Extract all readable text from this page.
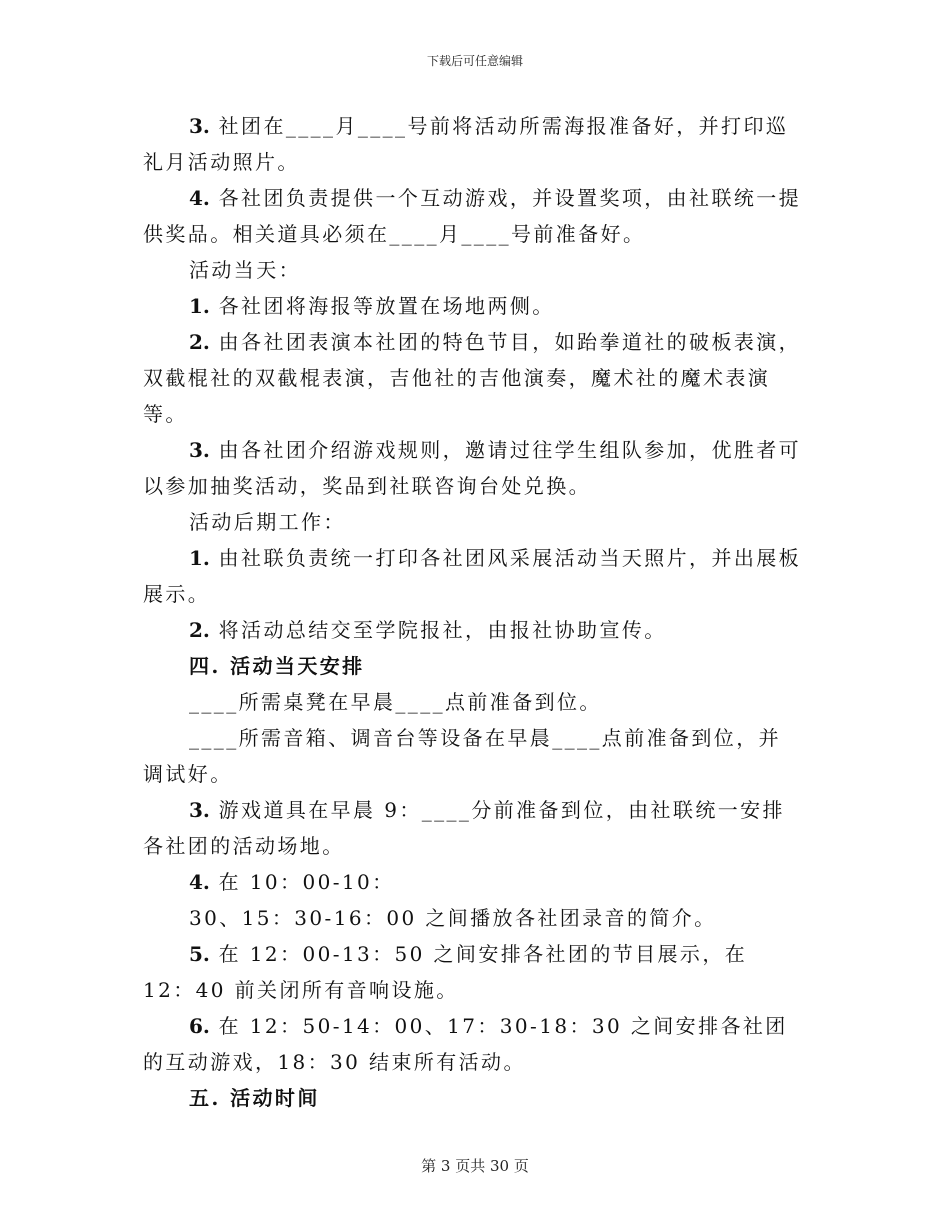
下载后可任意编辑

3. 社团在____月____号前将活动所需海报准备好，并打印巡礼月活动照片。

4. 各社团负责提供一个互动游戏，并设置奖项，由社联统一提供奖品。相关道具必须在____月____号前准备好。

活动当天：

1. 各社团将海报等放置在场地两侧。

2. 由各社团表演本社团的特色节目，如跆拳道社的破板表演，双截棍社的双截棍表演，吉他社的吉他演奏，魔术社的魔术表演等。

3. 由各社团介绍游戏规则，邀请过往学生组队参加，优胜者可以参加抽奖活动，奖品到社联咨询台处兑换。

活动后期工作：

1. 由社联负责统一打印各社团风采展活动当天照片，并出展板展示。

2. 将活动总结交至学院报社，由报社协助宣传。

四. 活动当天安排

____所需桌凳在早晨____点前准备到位。

____所需音箱、调音台等设备在早晨____点前准备到位，并调试好。

3. 游戏道具在早晨 9：____分前准备到位，由社联统一安排各社团的活动场地。

4. 在 10：00-10：

30、15：30-16：00 之间播放各社团录音的简介。

5. 在 12：00-13：50 之间安排各社团的节目展示，在 12：40 前关闭所有音响设施。

6. 在 12：50-14：00、17：30-18：30 之间安排各社团的互动游戏，18：30 结束所有活动。

五. 活动时间

第 3 页共 30 页
